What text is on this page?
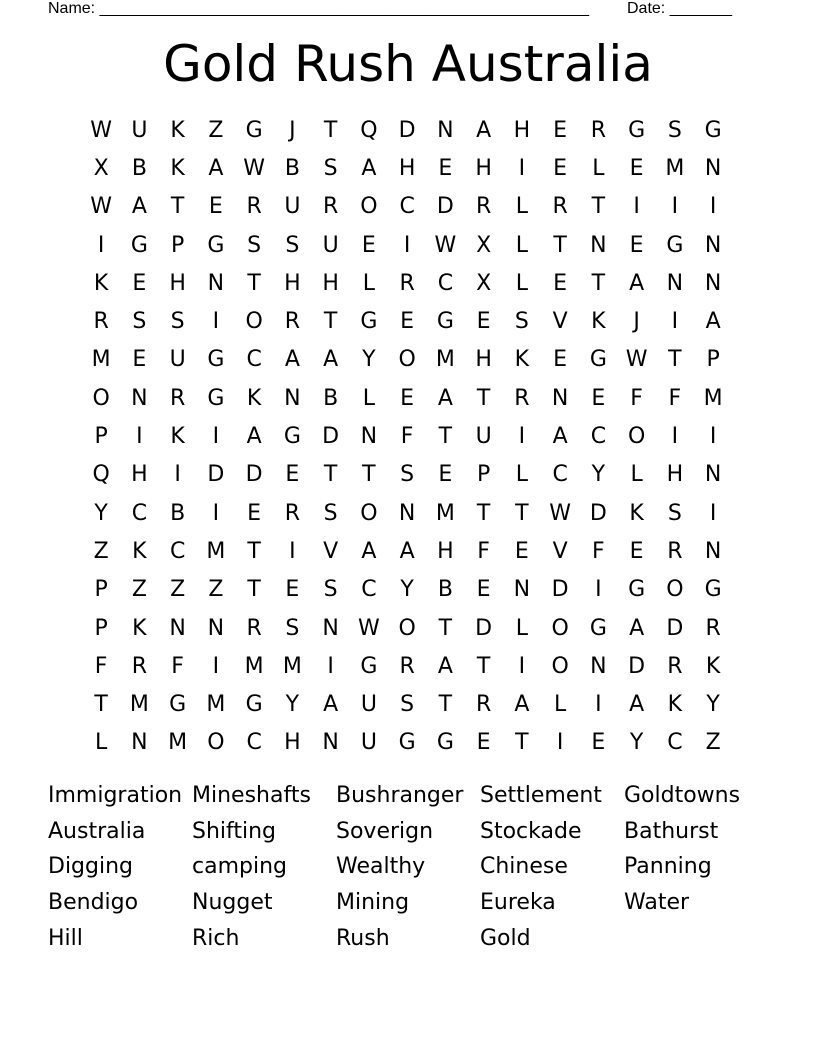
Name: _______________________________________________________ Date: _______
Gold Rush Australia
W U	K	Z	G	J	T	Q D N	A	H	E	R	G	S	G
X	B	K	A W B	S	A	H	E	H	I	E	L	E M N
W A	T	E	R	U	R O C	D	R	L	R	T	I	I	I
I	G	P	G	S	S	U	E	I	W X	L	T	N	E	G N
K	E	H N	T	H H	L	R	C	X	L	E	T	A	N N
R	S	S	I	O R	T	G	E	G	E	S	V	K	J	I	A
M E	U G	C	A	A	Y	O M H	K	E	G W T	P
O N	R	G	K	N	B	L	E	A	T	R	N	E	F	F	M
P	I	K	I	A	G D N	F	T	U	I	A	C O	I	I
Q H	I	D D	E	T	T	S	E	P	L	C	Y	L	H N
Y	C	B	I	E	R	S	O N M	T	T W D	K	S	I
Z	K	C M	T	I	V	A	A	H	F	E	V	F	E	R	N
P	Z	Z	Z	T	E	S	C	Y	B	E	N D	I	G O G
P	K	N N	R	S	N W O	T	D	L	O G	A	D	R
F	R	F	I	M M	I	G	R	A	T	I	O N D	R	K
T	M G M G	Y	A	U	S	T	R	A	L	I	A	K	Y
L	N M O C	H N U G G	E	T	I	E	Y	C	Z
Immigration Mineshafts	Bushranger Settlement	Goldtowns
Australia	Shifting	Soverign	Stockade	Bathurst
Digging	camping	Wealthy	Chinese	Panning
Bendigo	Nugget	Mining	Eureka	Water
Hill	Rich	Rush	Gold
